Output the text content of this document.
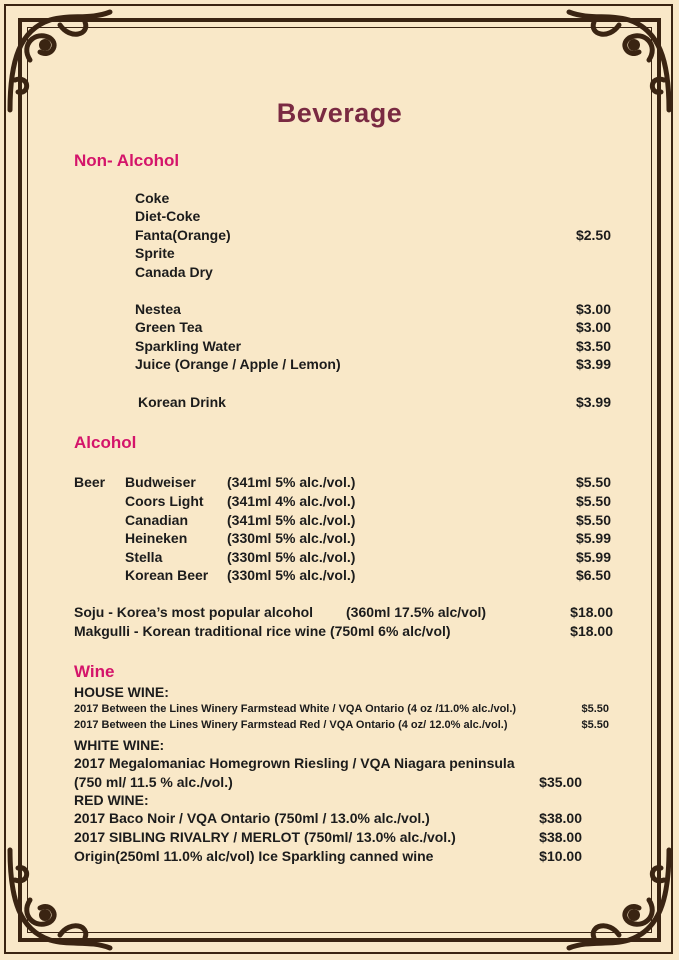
Beverage
Non- Alcohol
Coke
Diet-Coke
Fanta(Orange)	$2.50
Sprite
Canada Dry
Nestea	$3.00
Green Tea	$3.00
Sparkling Water	$3.50
Juice (Orange / Apple / Lemon)	$3.99
Korean Drink	$3.99
Alcohol
Beer Budweiser (341ml 5% alc./vol.)	$5.50
Coors Light (341ml 4% alc./vol.)	$5.50
Canadian	(341ml 5% alc./vol.)	$5.50
Heineken	(330ml 5% alc./vol.)	$5.99
Stella	(330ml 5% alc./vol.)	$5.99
Korean Beer (330ml 5% alc./vol.)	$6.50
Soju - Korea’s most popular alcohol (360ml 17.5% alc/vol)	$18.00
Makgulli - Korean traditional rice wine (750ml 6% alc/vol)	$18.00
Wine
HOUSE WINE:
2017 Between the Lines Winery Farmstead White / VQA Ontario (4 oz /11.0% alc./vol.)	$5.50
2017 Between the Lines Winery Farmstead Red / VQA Ontario (4 oz/ 12.0% alc./vol.)	$5.50
WHITE WINE:
2017 Megalomaniac Homegrown Riesling / VQA Niagara peninsula
(750 ml/ 11.5 % alc./vol.)	$35.00
RED WINE:
2017 Baco Noir / VQA Ontario (750ml / 13.0% alc./vol.)	$38.00
2017 SIBLING RIVALRY / MERLOT (750ml/ 13.0% alc./vol.)	$38.00
Origin(250ml 11.0% alc/vol) Ice Sparkling canned wine	$10.00
